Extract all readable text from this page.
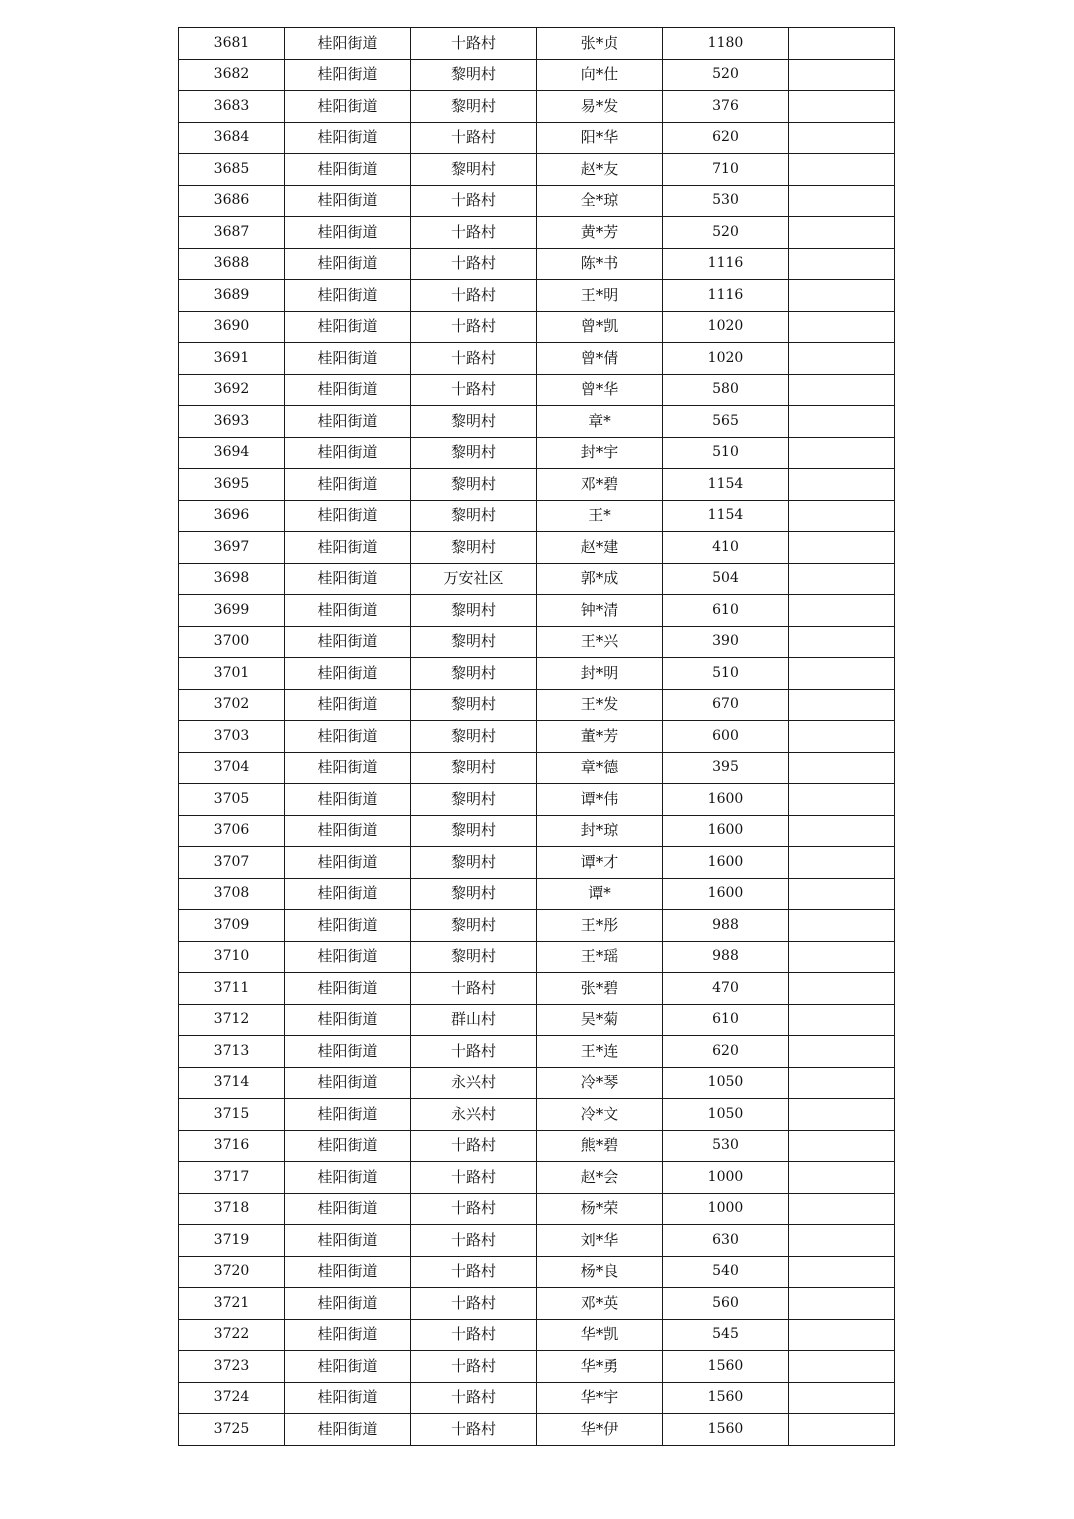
3681	桂阳街道	十路村	张*贞	1180	
3682	桂阳街道	黎明村	向*仕	520	
3683	桂阳街道	黎明村	易*发	376	
3684	桂阳街道	十路村	阳*华	620	
3685	桂阳街道	黎明村	赵*友	710	
3686	桂阳街道	十路村	全*琼	530	
3687	桂阳街道	十路村	黄*芳	520	
3688	桂阳街道	十路村	陈*书	1116	
3689	桂阳街道	十路村	王*明	1116	
3690	桂阳街道	十路村	曾*凯	1020	
3691	桂阳街道	十路村	曾*倩	1020	
3692	桂阳街道	十路村	曾*华	580	
3693	桂阳街道	黎明村	章*	565	
3694	桂阳街道	黎明村	封*宇	510	
3695	桂阳街道	黎明村	邓*碧	1154	
3696	桂阳街道	黎明村	王*	1154	
3697	桂阳街道	黎明村	赵*建	410	
3698	桂阳街道	万安社区	郭*成	504	
3699	桂阳街道	黎明村	钟*清	610	
3700	桂阳街道	黎明村	王*兴	390	
3701	桂阳街道	黎明村	封*明	510	
3702	桂阳街道	黎明村	王*发	670	
3703	桂阳街道	黎明村	董*芳	600	
3704	桂阳街道	黎明村	章*德	395	
3705	桂阳街道	黎明村	谭*伟	1600	
3706	桂阳街道	黎明村	封*琼	1600	
3707	桂阳街道	黎明村	谭*才	1600	
3708	桂阳街道	黎明村	谭*	1600	
3709	桂阳街道	黎明村	王*彤	988	
3710	桂阳街道	黎明村	王*瑶	988	
3711	桂阳街道	十路村	张*碧	470	
3712	桂阳街道	群山村	吴*菊	610	
3713	桂阳街道	十路村	王*连	620	
3714	桂阳街道	永兴村	冷*琴	1050	
3715	桂阳街道	永兴村	冷*文	1050	
3716	桂阳街道	十路村	熊*碧	530	
3717	桂阳街道	十路村	赵*会	1000	
3718	桂阳街道	十路村	杨*荣	1000	
3719	桂阳街道	十路村	刘*华	630	
3720	桂阳街道	十路村	杨*良	540	
3721	桂阳街道	十路村	邓*英	560	
3722	桂阳街道	十路村	华*凯	545	
3723	桂阳街道	十路村	华*勇	1560	
3724	桂阳街道	十路村	华*宇	1560	
3725	桂阳街道	十路村	华*伊	1560	
